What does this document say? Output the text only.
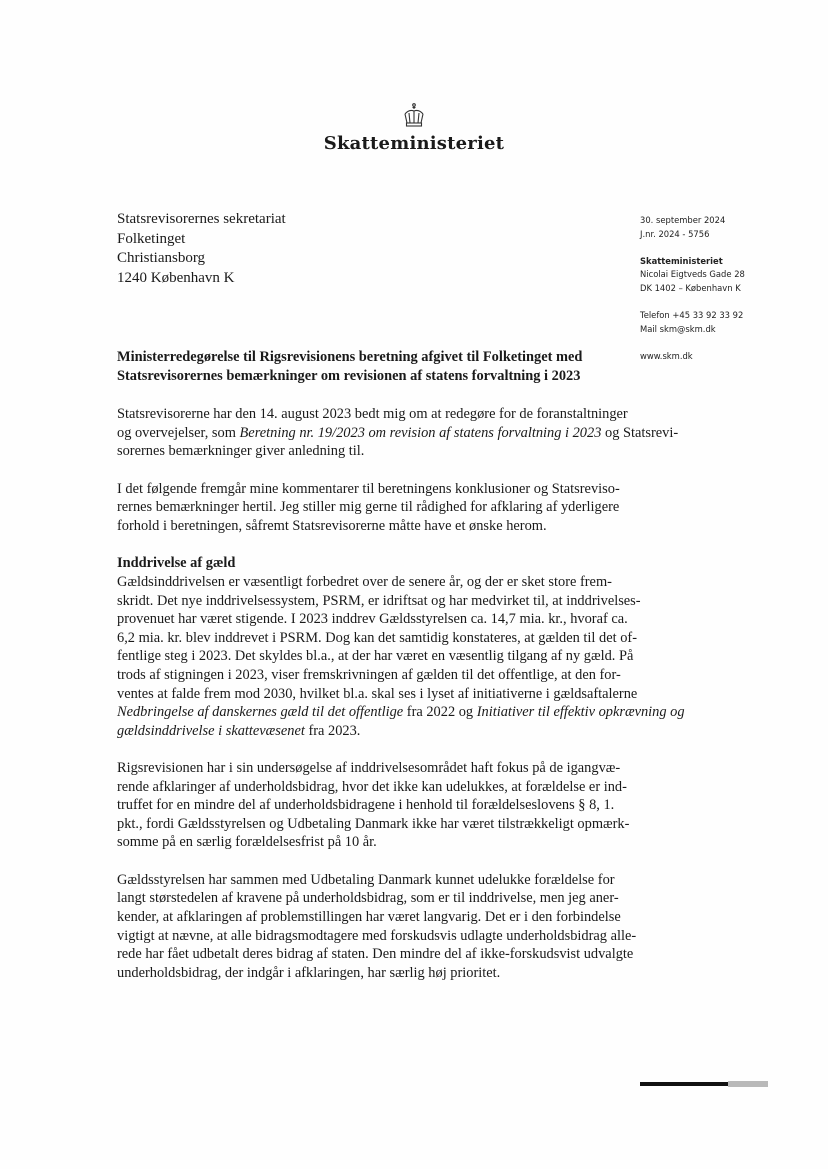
Skatteministeriet
Statsrevisorernes sekretariat
Folketinget
Christiansborg
1240 København K
30. september 2024
J.nr. 2024 - 5756
Skatteministeriet
Nicolai Eigtveds Gade 28
DK 1402 – København K
Telefon +45 33 92 33 92
Mail skm@skm.dk
www.skm.dk
Ministerredegørelse til Rigsrevisionens beretning afgivet til Folketinget med
Statsrevisorernes bemærkninger om revisionen af statens forvaltning i 2023
Statsrevisorerne har den 14. august 2023 bedt mig om at redegøre for de foranstaltninger
og overvejelser, som Beretning nr. 19/2023 om revision af statens forvaltning i 2023 og Statsrevi-
sorernes bemærkninger giver anledning til.
I det følgende fremgår mine kommentarer til beretningens konklusioner og Statsreviso-
rernes bemærkninger hertil. Jeg stiller mig gerne til rådighed for afklaring af yderligere
forhold i beretningen, såfremt Statsrevisorerne måtte have et ønske herom.
Inddrivelse af gæld
Gældsinddrivelsen er væsentligt forbedret over de senere år, og der er sket store frem-
skridt. Det nye inddrivelsessystem, PSRM, er idriftsat og har medvirket til, at inddrivelses-
provenuet har været stigende. I 2023 inddrev Gældsstyrelsen ca. 14,7 mia. kr., hvoraf ca.
6,2 mia. kr. blev inddrevet i PSRM. Dog kan det samtidig konstateres, at gælden til det of-
fentlige steg i 2023. Det skyldes bl.a., at der har været en væsentlig tilgang af ny gæld. På
trods af stigningen i 2023, viser fremskrivningen af gælden til det offentlige, at den for-
ventes at falde frem mod 2030, hvilket bl.a. skal ses i lyset af initiativerne i gældsaftalerne
Nedbringelse af danskernes gæld til det offentlige fra 2022 og Initiativer til effektiv opkrævning og
gældsinddrivelse i skattevæsenet fra 2023.
Rigsrevisionen har i sin undersøgelse af inddrivelsesområdet haft fokus på de igangvæ-
rende afklaringer af underholdsbidrag, hvor det ikke kan udelukkes, at forældelse er ind-
truffet for en mindre del af underholdsbidragene i henhold til forældelseslovens § 8, 1.
pkt., fordi Gældsstyrelsen og Udbetaling Danmark ikke har været tilstrækkeligt opmærk-
somme på en særlig forældelsesfrist på 10 år.
Gældsstyrelsen har sammen med Udbetaling Danmark kunnet udelukke forældelse for
langt størstedelen af kravene på underholdsbidrag, som er til inddrivelse, men jeg aner-
kender, at afklaringen af problemstillingen har været langvarig. Det er i den forbindelse
vigtigt at nævne, at alle bidragsmodtagere med forskudsvis udlagte underholdsbidrag alle-
rede har fået udbetalt deres bidrag af staten. Den mindre del af ikke-forskudsvist udvalgte
underholdsbidrag, der indgår i afklaringen, har særlig høj prioritet.
